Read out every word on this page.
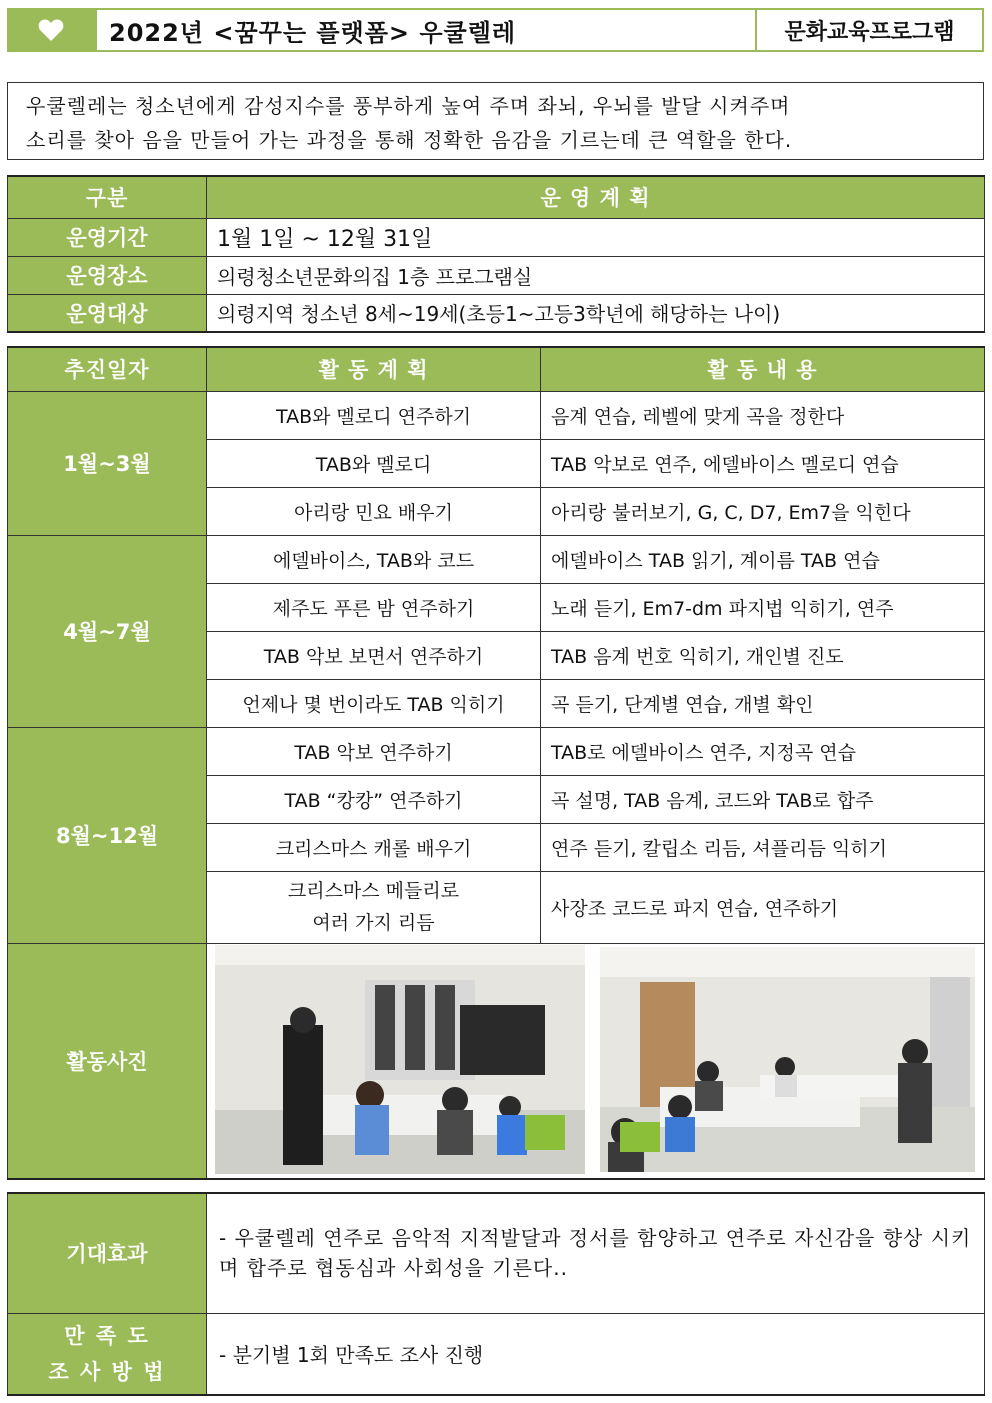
2022년 <꿈꾸는 플랫폼> 우쿨렐레	문화교육프로그램

우쿨렐레는 청소년에게 감성지수를 풍부하게 높여 주며 좌뇌, 우뇌를 발달 시켜주며

소리를 찾아 음을 만들어 가는 과정을 통해 정확한 음감을 기르는데 큰 역할을 한다.

구분	운 영 계 획
운영기간	1월 1일 ~ 12월 31일
운영장소	의령청소년문화의집 1층 프로그램실
운영대상	의령지역 청소년 8세~19세(초등1~고등3학년에 해당하는 나이)
추진일자	활 동 계 획	활 동 내 용
1월~3월	TAB와 멜로디 연주하기	음계 연습, 레벨에 맞게 곡을 정한다
	TAB와 멜로디	TAB 악보로 연주, 에델바이스 멜로디 연습
	아리랑 민요 배우기	아리랑 불러보기, G, C, D7, Em7을 익힌다
4월~7월	에델바이스, TAB와 코드	에델바이스 TAB 읽기, 계이름 TAB 연습
	제주도 푸른 밤 연주하기	노래 듣기, Em7-dm 파지법 익히기, 연주
	TAB 악보 보면서 연주하기	TAB 음계 번호 익히기, 개인별 진도
	언제나 몇 번이라도 TAB 익히기	곡 듣기, 단계별 연습, 개별 확인
8월~12월	TAB 악보 연주하기	TAB로 에델바이스 연주, 지정곡 연습
	TAB “캉캉” 연주하기	곡 설명, TAB 음계, 코드와 TAB로 합주
	크리스마스 캐롤 배우기	연주 듣기, 칼립소 리듬, 셔플리듬 익히기
	크리스마스 메들리로
여러 가지 리듬	사장조 코드로 파지 연습, 연주하기
활동사진		
기대효과	- 우쿨렐레 연주로 음악적 지적발달과 정서를 함양하고 연주로 자신감을 향상 시키며 합주로 협동심과 사회성을 기른다..

만 족 도
조 사 방 법	- 분기별 1회 만족도 조사 진행
